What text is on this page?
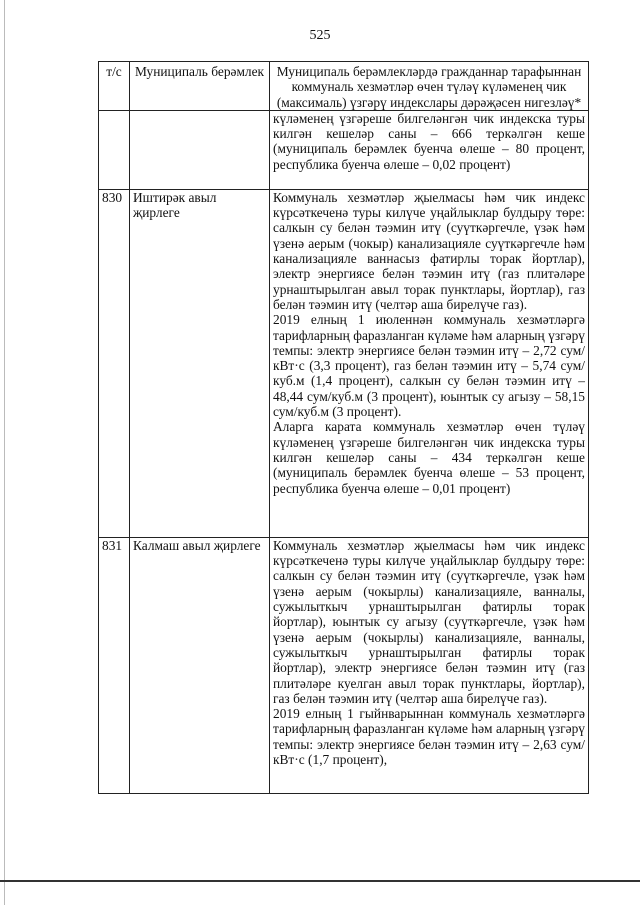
525
т/с	Муниципаль берәмлек	Муниципаль берәмлекләрдә гражданнар тарафыннан коммуналь хезмәтләр өчен түләү күләменең чик (максималь) үзгәрү индекслары дәрәҗәсен нигезләү*
		күләменең үзгәреше билгеләнгән чик индекска туры килгән кешеләр саны – 666 теркәлгән кеше (муниципаль берәмлек буенча өлеше – 80 процент, республика буенча өлеше – 0,02 процент)
830	Иштирәк авыл җирлеге	Коммуналь хезмәтләр җыелмасы һәм чик индекс күрсәткеченә туры килүче уңайлыклар булдыру төре: салкын су белән тәэмин итү (суүткәргечле, үзәк һәм үзенә аерым (чокыр) канализацияле суүткәргечле һәм канализацияле ваннасыз фатирлы торак йортлар), электр энергиясе белән тәэмин итү (газ плитәләре урнаштырылган авыл торак пунктлары, йортлар), газ белән тәэмин итү (челтәр аша бирелүче газ).

2019 елның 1 июленнән коммуналь хезмәтләргә тарифларның фаразланган күләме һәм аларның үзгәрү темпы: электр энергиясе белән тәэмин итү – 2,72 сум/кВт·с (3,3 процент), газ белән тәэмин итү – 5,74 сум/куб.м (1,4 процент), салкын су белән тәэмин итү – 48,44 сум/куб.м (3 процент), юынтык су агызу – 58,15 сум/куб.м (3 процент).

Аларга карата коммуналь хезмәтләр өчен түләү күләменең үзгәреше билгеләнгән чик индекска туры килгән кешеләр саны – 434 теркәлгән кеше (муниципаль берәмлек буенча өлеше – 53 процент, республика буенча өлеше – 0,01 процент)

831	Калмаш авыл җирлеге	Коммуналь хезмәтләр җыелмасы һәм чик индекс күрсәткеченә туры килүче уңайлыклар булдыру төре: салкын су белән тәэмин итү (суүткәргечле, үзәк һәм үзенә аерым (чокырлы) канализацияле, ванналы, сужылыткыч урнаштырылган фатирлы торак йортлар), юынтык су агызу (суүткәргечле, үзәк һәм үзенә аерым (чокырлы) канализацияле, ванналы, сужылыткыч урнаштырылган фатирлы торак йортлар), электр энергиясе белән тәэмин итү (газ плитәләре куелган авыл торак пунктлары, йортлар), газ белән тәэмин итү (челтәр аша бирелүче газ).

2019 елның 1 гыйнварыннан коммуналь хезмәтләргә тарифларның фаразланган күләме һәм аларның үзгәрү темпы: электр энергиясе белән тәэмин итү – 2,63 сум/кВт·с (1,7 процент),
